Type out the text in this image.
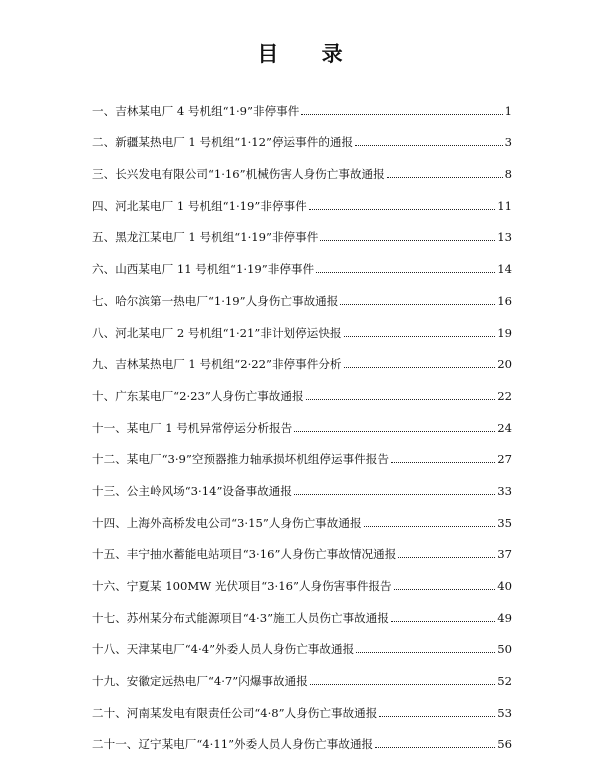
目 录
一、吉林某电厂 4 号机组“1·9”非停事件	1
二、新疆某热电厂 1 号机组“1·12”停运事件的通报	3
三、长兴发电有限公司“1·16”机械伤害人身伤亡事故通报	8
四、河北某电厂 1 号机组“1·19”非停事件	11
五、黑龙江某电厂 1 号机组“1·19”非停事件	13
六、山西某电厂 11 号机组“1·19”非停事件	14
七、哈尔滨第一热电厂“1·19”人身伤亡事故通报	16
八、河北某电厂 2 号机组“1·21”非计划停运快报	19
九、吉林某热电厂 1 号机组“2·22”非停事件分析	20
十、广东某电厂“2·23”人身伤亡事故通报	22
十一、某电厂 1 号机异常停运分析报告	24
十二、某电厂“3·9”空预器推力轴承损坏机组停运事件报告	27
十三、公主岭风场“3·14”设备事故通报	33
十四、上海外高桥发电公司“3·15”人身伤亡事故通报	35
十五、丰宁抽水蓄能电站项目“3·16”人身伤亡事故情况通报	37
十六、宁夏某 100MW 光伏项目“3·16”人身伤害事件报告	40
十七、苏州某分布式能源项目“4·3”施工人员伤亡事故通报	49
十八、天津某电厂“4·4”外委人员人身伤亡事故通报	50
十九、安徽定远热电厂“4·7”闪爆事故通报	52
二十、河南某发电有限责任公司“4·8”人身伤亡事故通报	53
二十一、辽宁某电厂“4·11”外委人员人身伤亡事故通报	56
